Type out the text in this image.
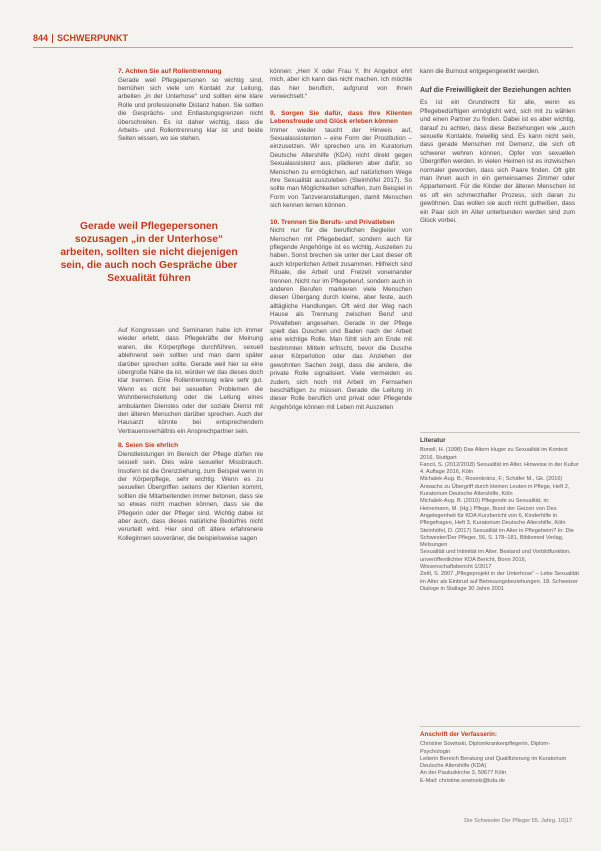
844 SCHWERPUNKT

7. Achten Sie auf Rollentrennung

Gerade weil Pflegepersonen so wichtig sind, bemühen sich viele um Kontakt zur Leitung, arbeiten „in der Unterhose“ und sollten eine klare Rolle und professionelle Distanz haben. Sie sollten die Gesprächs- und Entlastungsgrenzen nicht überschreiten. Es ist daher wichtig, dass die Arbeits- und Rollentrennung klar ist und beide Seiten wissen, wo sie stehen.

Gerade weil Pflegepersonen sozusagen „in der Unterhose“ arbeiten, sollten sie nicht diejenigen sein, die auch noch Gespräche über Sexualität führen

Auf Kongressen und Seminaren habe ich immer wieder erlebt, dass Pflegekräfte der Meinung waren, die Körperpflege durchführen, sexuell ablehnend sein sollten und man dann später darüber sprechen sollte. Gerade weil hier so eine übergroße Nähe da ist, würden wir das dieses doch klar trennen. Eine Rollentrennung wäre sehr gut. Wenn es nicht bei sexuellen Problemen die Wohnbereichsleitung oder die Leitung eines ambulanten Dienstes oder der soziale Dienst mit den älteren Menschen darüber sprechen. Auch der Hausarzt könnte bei entsprechendem Vertrauensverhältnis ein Ansprechpartner sein.

8. Seien Sie ehrlich

Dienstleistungen im Bereich der Pflege dürfen nie sexuell sein. Dies wäre sexueller Missbrauch. Insofern ist die Grenzziehung, zum Beispiel wenn in der Körperpflege, sehr wichtig. Wenn es zu sexuellen Übergriffen seitens der Klienten kommt, sollten die Mitarbeitenden immer betonen, dass sie so etwas nicht machen können, dass sie die Pflegerin oder der Pfleger sind. Wichtig dabei ist aber auch, dass dieses natürliche Bedürfnis nicht verurteilt wird. Hier sind oft ältere erfahrenere Kolleginnen souveräner, die beispielsweise sagen

können: „Herr X oder Frau Y, Ihr Angebot ehrt mich, aber ich kann das nicht machen. Ich möchte das hier beruflich, aufgrund von Ihnen verwechselt.“

9. Sorgen Sie dafür, dass Ihre Klienten Lebensfreude und Glück erleben können

Immer wieder taucht der Hinweis auf, Sexualassistenten – eine Form der Prostitution – einzusetzen. Wir sprechen uns im Kuratorium Deutsche Altershilfe (KDA) nicht direkt gegen Sexualassistenz aus, plädieren aber dafür, so Menschen zu ermöglichen, auf natürlichem Wege ihre Sexualität auszuleben (Steinhöfel 2017). So sollte man Möglichkeiten schaffen, zum Beispiel in Form von Tanzveranstaltungen, damit Menschen sich kennen lernen können.

10. Trennen Sie Berufs- und Privatleben

Nicht nur für die beruflichen Begleiter von Menschen mit Pflegebedarf, sondern auch für pflegende Angehörige ist es wichtig, Auszeiten zu haben. Sonst brechen sie unter der Last dieser oft auch körperlichen Arbeit zusammen. Hilfreich sind Rituale, die Arbeit und Freizeit voneinander trennen. Nicht nur im Pflegeberuf, sondern auch in anderen Berufen markieren viele Menschen diesen Übergang durch kleine, aber feste, auch alltägliche Handlungen. Oft wird der Weg nach Hause als Trennung zwischen Beruf und Privatleben angesehen. Gerade in der Pflege spielt das Duschen und Baden nach der Arbeit eine wichtige Rolle. Man fühlt sich am Ende mit bestimmten Mitteln erfrischt, bevor die Dusche einer Körperlotion oder das Anziehen der gewohnten Sachen zeigt, dass die andere, die private Rolle signalisiert. Viele vermeiden es zudem, sich noch mit Arbeit im Fernsehen beschäftigen zu müssen. Gerade die Leitung in dieser Rolle beruflich und privat oder Pflegende Angehörige können mit Leben mit Auszeiten

kann die Burnout entgegengewirkt werden.

Auf die Freiwilligkeit der Beziehungen achten

Es ist ein Grundrecht für alle, wenn es Pflegebedürftigen ermöglicht wird, sich mit zu wählen und einen Partner zu finden. Dabei ist es aber wichtig, darauf zu achten, dass diese Beziehungen wie „auch sexuelle Kontakte, freiwillig sind. Es kann nicht sein, dass gerade Menschen mit Demenz, die sich oft schwerer wehren können, Opfer von sexuellen Übergriffen werden. In vielen Heimen ist es inzwischen normaler geworden, dass sich Paare finden. Oft gibt man ihnen auch in ein gemeinsames Zimmer oder Appartement. Für die Kinder der älteren Menschen ist es oft ein schmerzhafter Prozess, sich daran zu gewöhnen. Das wollen sie auch nicht gutheißen, dass ein Paar sich im Alter unterbunden werden sind zum Glück vorbei.

Literatur
Bonell, H. (1998) Das Altern kluger zu Sexualität im Kontext 2016, Stuttgart
Fancii, S. (2012/2018) Sexualität im Alter. Hinweise in der Kultur 4. Auflage 2016, Köln
Michalek-Aug. B.; Rosenkränz, F.; Schäfer M., Gk. (2016) Anwachs zu Übergriff durch kleinen Leuten in Pflege, Heft 2, Kuratorium Deutsche Altershilfe, Köln
Michalek-Aug. B. (2010) Pflegende zu Sexualität, in: Heinemann, M. (Hg.) Pflege, Bund der Geizen von Des Angelegenheit für KDA Kurzbericht von 6, Kinderhilfe in Pflegefragen, Heft 3, Kuratorium Deutsche Altershilfe, Köln
Steinhöfel, D. (2017) Sexualität im Alter in Pflegeheim? In: Die Schwester/Der Pfleger, 56, S. 178–181, Bibliomed Verlag, Melsungen
Sexualität und Intimität im Alter. Bestand und Vorbildfunktion, unveröffentlichter KDA Bericht, Bonn 2016, Wissenschaftsbericht 1/2017
Zettl, S. 2007 „Pflegeprojekt in der Unterhose“ – Lebe Sexualität im Alter als Einbrud auf Betreuungsbeziehungen. 18. Schweizer Dialoge in Stallage 30 Jahre 2001
Anschrift der Verfasserin:
Christine Sowinski, Diplomkrankenpflegerin, Diplom-Psychologin
Leiterin Bereich Beratung und Qualifizierung im Kuratorium
Deutsche Altershilfe (KDA)
An der Pauluskirche 3, 50677 Köln
E-Mail: christine.sowinski@kda.de
Die Schwester Der Pfleger 55. Jahrg. 10|17
